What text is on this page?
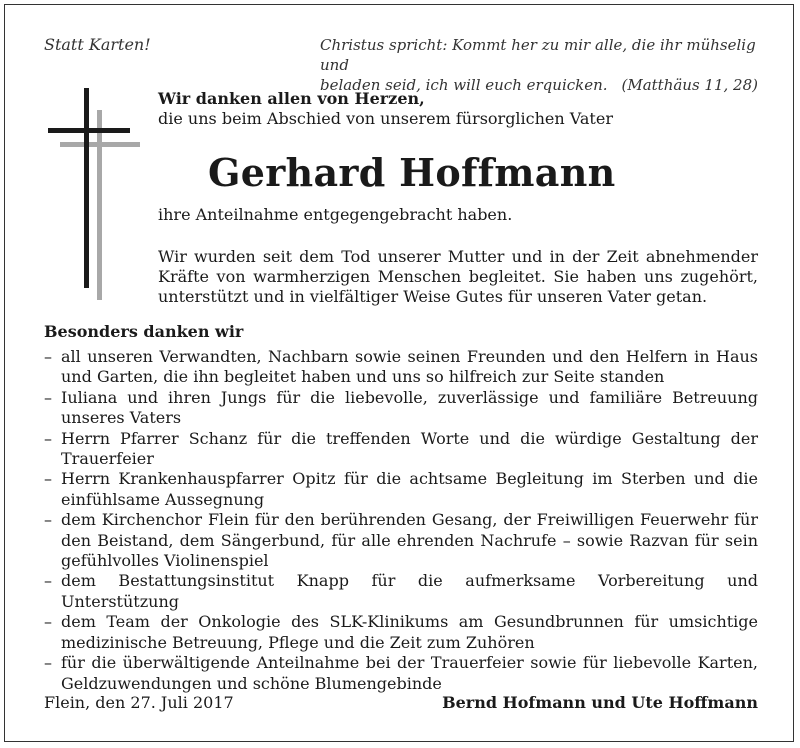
Statt Karten!	Christus spricht: Kommt her zu mir alle, die ihr mühselig und
beladen seid, ich will euch erquicken. (Matthäus 11, 28)
Wir danken allen von Herzen,
die uns beim Abschied von unserem fürsorglichen Vater
Gerhard Hoffmann
ihre Anteilnahme entgegengebracht haben.
Wir wurden seit dem Tod unserer Mutter und in der Zeit abnehmender Kräfte von warmherzigen Menschen begleitet. Sie haben uns zugehört, unterstützt und in vielfältiger Weise Gutes für unseren Vater getan.
Besonders danken wir
– all unseren Verwandten, Nachbarn sowie seinen Freunden und den Helfern in Haus und Garten, die ihn begleitet haben und uns so hilfreich zur Seite standen
– Iuliana und ihren Jungs für die liebevolle, zuverlässige und familiäre Betreuung unseres Vaters
– Herrn Pfarrer Schanz für die treffenden Worte und die würdige Gestaltung der Trauerfeier
– Herrn Krankenhauspfarrer Opitz für die achtsame Begleitung im Sterben und die einfühlsame Aussegnung
– dem Kirchenchor Flein für den berührenden Gesang, der Freiwilligen Feuerwehr für den Beistand, dem Sängerbund, für alle ehrenden Nachrufe – sowie Razvan für sein gefühlvolles Violinenspiel
– dem Bestattungsinstitut Knapp für die aufmerksame Vorbereitung und Unterstützung
– dem Team der Onkologie des SLK-Klinikums am Gesundbrunnen für umsichtige medizinische Betreuung, Pflege und die Zeit zum Zuhören
– für die überwältigende Anteilnahme bei der Trauerfeier sowie für liebevolle Karten, Geldzuwendungen und schöne Blumengebinde
Flein, den 27. Juli 2017	Bernd Hofmann und Ute Hoffmann
